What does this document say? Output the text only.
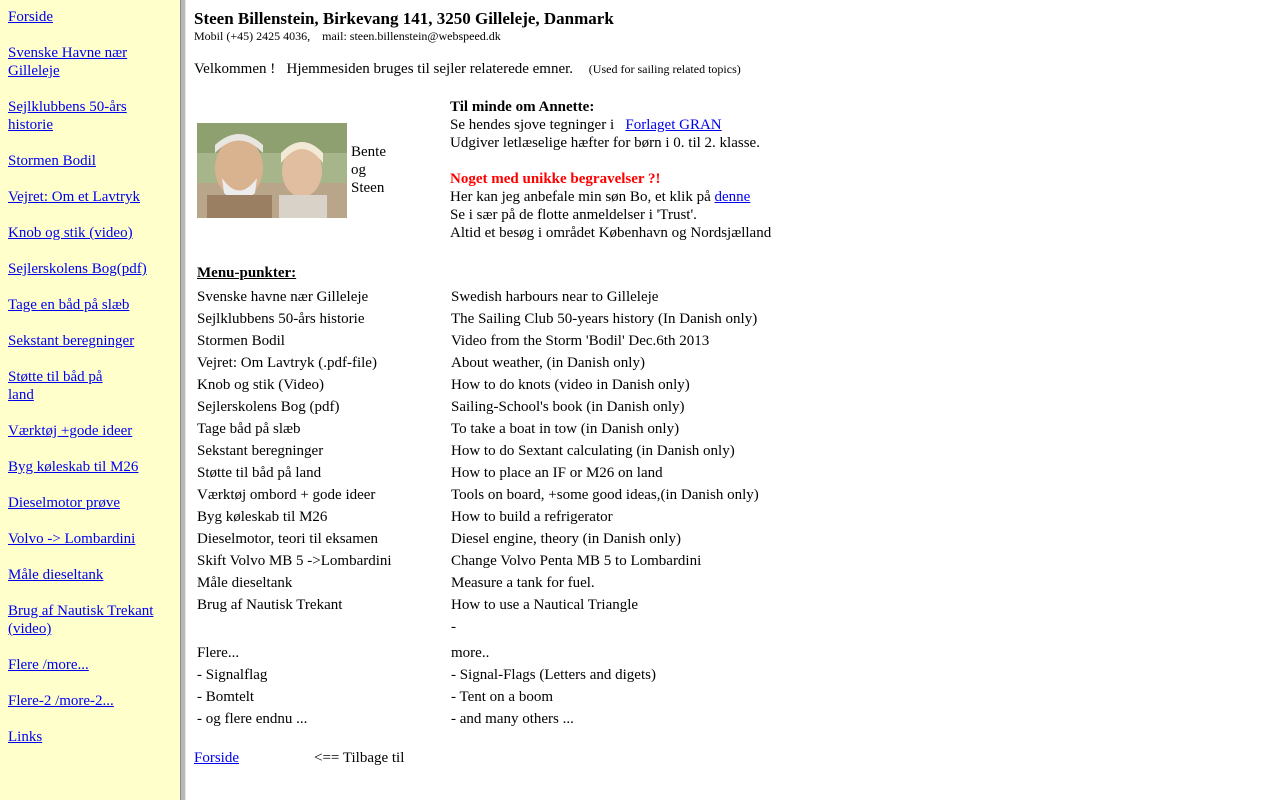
Forside
Svenske Havne nær Gilleleje
Sejlklubbens 50-års historie
Stormen Bodil
Vejret: Om et Lavtryk
Knob og stik (video)
Sejlerskolens Bog(pdf)
Tage en båd på slæb
Sekstant beregninger
Støtte til båd på land
Værktøj +gode ideer
Byg køleskab til M26
Dieselmotor prøve
Volvo -> Lombardini
Måle dieseltank
Brug af Nautisk Trekant (video)
Flere /more...
Flere-2 /more-2...
Links
Steen Billenstein, Birkevang 141, 3250 Gilleleje, Danmark
Mobil (+45) 2425 4036, mail: steen.billenstein@webspeed.dk
Velkommen !   Hjemmesiden bruges til sejler relaterede emner. (Used for sailing related topics)
Bente
og
Steen
Til minde om Annette:
Se hendes sjove tegninger i Forlaget GRAN
Udgiver letlæselige hæfter for børn i 0. til 2. klasse.
Noget med unikke begravelser ?!
Her kan jeg anbefale min søn Bo, et klik på denne
Se i sær på de flotte anmeldelser i 'Trust'.
Altid et besøg i området København og Nordsjælland
Menu-punkter:
Svenske havne nær Gilleleje	Swedish harbours near to Gilleleje
Sejlklubbens 50-års historie	The Sailing Club 50-years history (In Danish only)
Stormen Bodil	Video from the Storm 'Bodil' Dec.6th 2013
Vejret: Om Lavtryk (.pdf-file)	About weather, (in Danish only)
Knob og stik (Video)	How to do knots (video in Danish only)
Sejlerskolens Bog (pdf)	Sailing-School's book (in Danish only)
Tage båd på slæb	To take a boat in tow (in Danish only)
Sekstant beregninger	How to do Sextant calculating (in Danish only)
Støtte til båd på land	How to place an IF or M26 on land
Værktøj ombord + gode ideer	Tools on board, +some good ideas,(in Danish only)
Byg køleskab til M26	How to build a refrigerator
Dieselmotor, teori til eksamen	Diesel engine, theory (in Danish only)
Skift Volvo MB 5 ->Lombardini	Change Volvo Penta MB 5 to Lombardini
Måle dieseltank	Measure a tank for fuel.
Brug af Nautisk Trekant	How to use a Nautical Triangle
-
Flere...	more..
- Signalflag	- Signal-Flags (Letters and digets)
- Bomtelt	- Tent on a boom
- og flere endnu ...	- and many others ...
Forside	<== Tilbage til
